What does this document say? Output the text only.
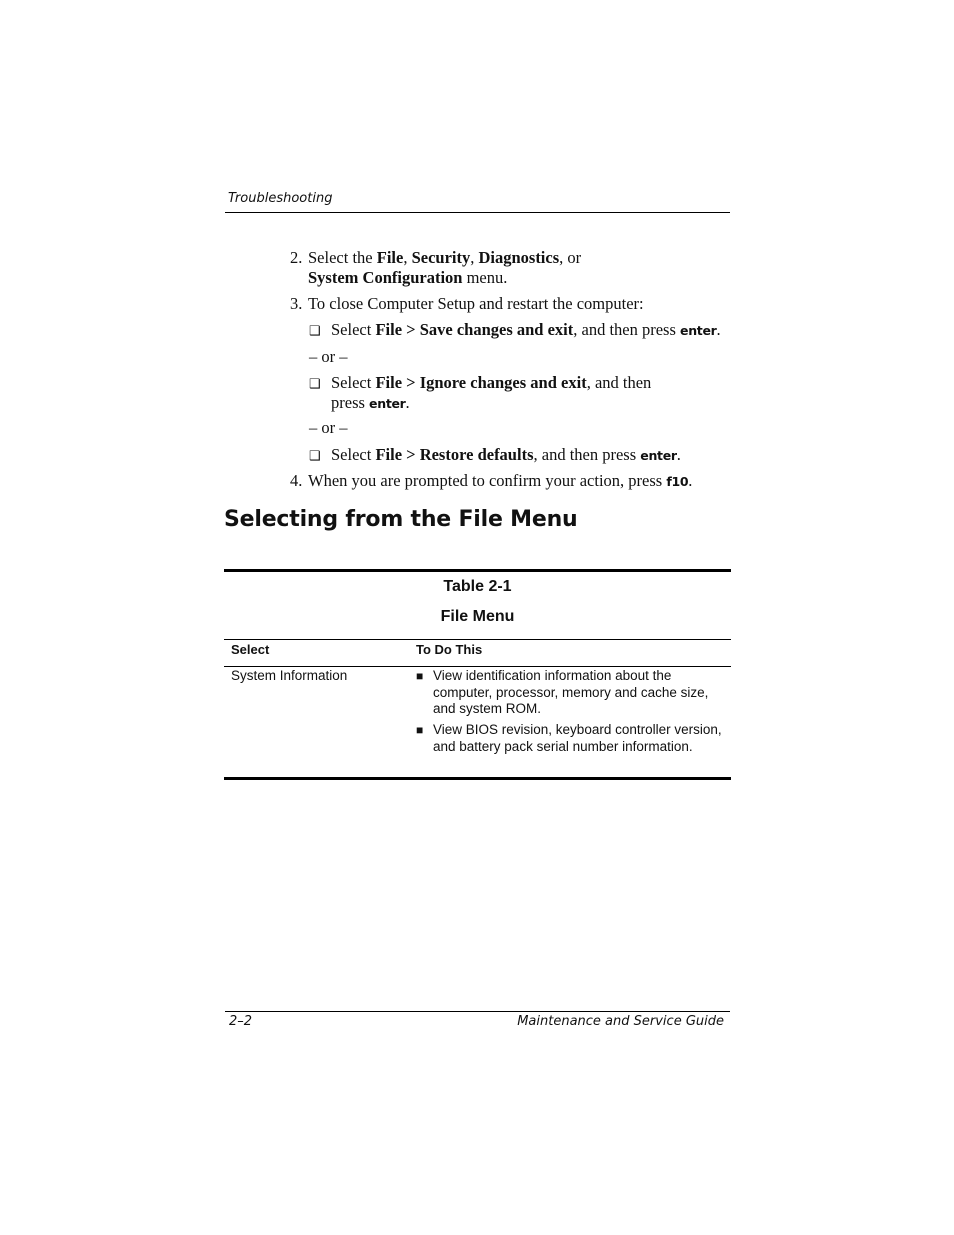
Troubleshooting
2. Select the File, Security, Diagnostics, or
System Configuration menu.
3. To close Computer Setup and restart the computer:
❑ Select File > Save changes and exit, and then press enter.
– or –
❑ Select File > Ignore changes and exit, and then
press enter.
– or –
❑ Select File > Restore defaults, and then press enter.
4. When you are prompted to confirm your action, press f10.
Selecting from the File Menu
Table 2-1
File Menu
Select	To Do This
System Information	■ View identification information about the computer, processor, memory and cache size, and system ROM.
■ View BIOS revision, keyboard controller version, and battery pack serial number information.
2–2	Maintenance and Service Guide
